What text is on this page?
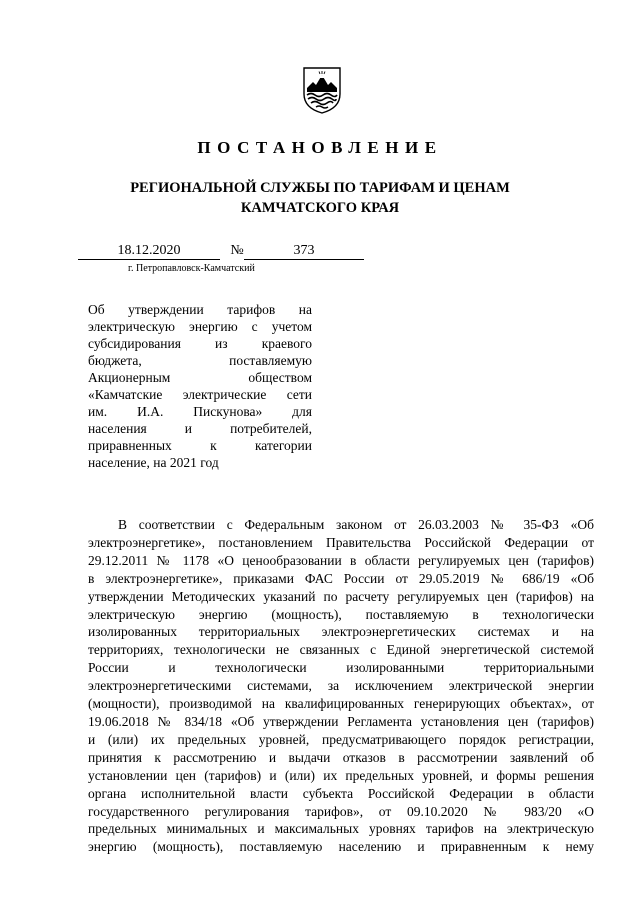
ПОСТАНОВЛЕНИЕ
РЕГИОНАЛЬНОЙ СЛУЖБЫ ПО ТАРИФАМ И ЦЕНАМ
КАМЧАТСКОГО КРАЯ
18.12.2020	№	373
г. Петропавловск-Камчатский
Об утверждении тарифов на
электрическую энергию с учетом
субсидирования из краевого
бюджета, поставляемую
Акционерным обществом
«Камчатские электрические сети
им. И.А. Пискунова» для
населения и потребителей,
приравненных к категории
население, на 2021 год
В соответствии с Федеральным законом от 26.03.2003 № 35-ФЗ «Об
электроэнергетике», постановлением Правительства Российской Федерации от
29.12.2011 № 1178 «О ценообразовании в области регулируемых цен (тарифов)
в электроэнергетике», приказами ФАС России от 29.05.2019 № 686/19 «Об
утверждении Методических указаний по расчету регулируемых цен (тарифов) на
электрическую энергию (мощность), поставляемую в технологически
изолированных территориальных электроэнергетических системах и на
территориях, технологически не связанных с Единой энергетической системой
России и технологически изолированными территориальными
электроэнергетическими системами, за исключением электрической энергии
(мощности), производимой на квалифицированных генерирующих объектах», от
19.06.2018 № 834/18 «Об утверждении Регламента установления цен (тарифов)
и (или) их предельных уровней, предусматривающего порядок регистрации,
принятия к рассмотрению и выдачи отказов в рассмотрении заявлений об
установлении цен (тарифов) и (или) их предельных уровней, и формы решения
органа исполнительной власти субъекта Российской Федерации в области
государственного регулирования тарифов», от 09.10.2020 № 983/20 «О
предельных минимальных и максимальных уровнях тарифов на электрическую
энергию (мощность), поставляемую населению и приравненным к нему
